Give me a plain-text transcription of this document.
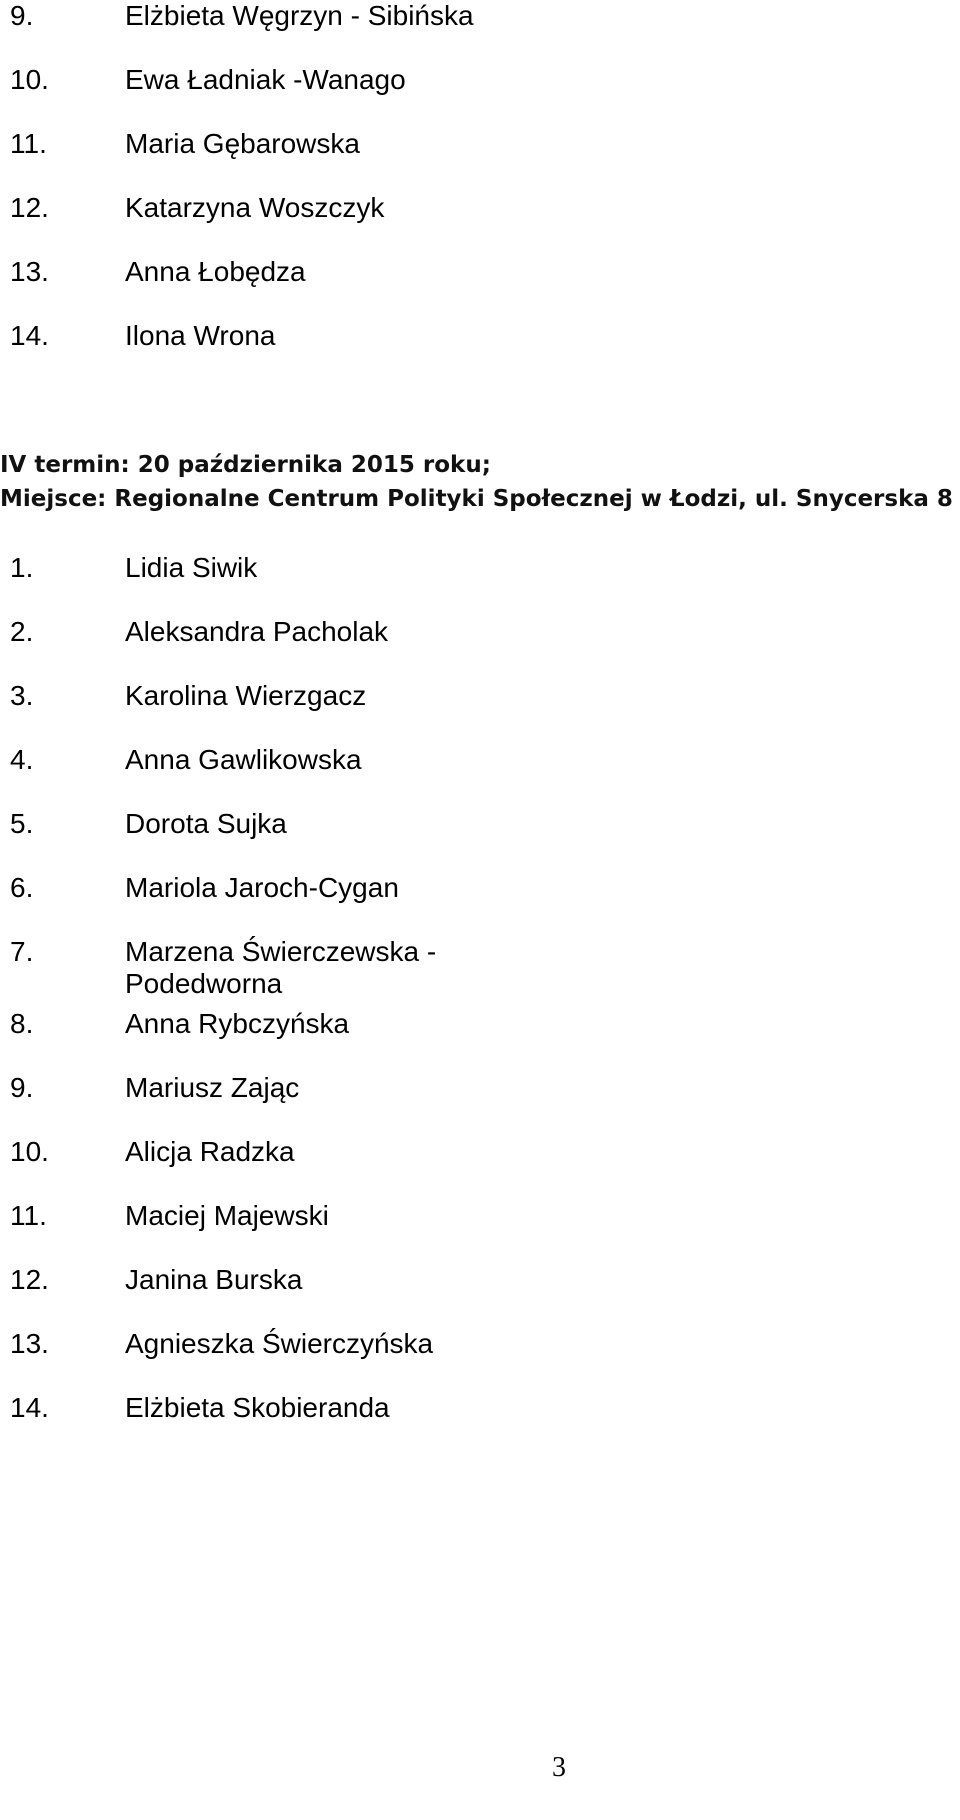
9.	Elżbieta Węgrzyn - Sibińska
10.	Ewa Ładniak -Wanago
11.	Maria Gębarowska
12.	Katarzyna Woszczyk
13.	Anna Łobędza
14.	Ilona Wrona
IV termin: 20 października 2015 roku;
Miejsce: Regionalne Centrum Polityki Społecznej w Łodzi, ul. Snycerska 8
1.	Lidia Siwik
2.	Aleksandra Pacholak
3.	Karolina Wierzgacz
4.	Anna Gawlikowska
5.	Dorota Sujka
6.	Mariola Jaroch-Cygan
7.	Marzena Świerczewska -
Podedworna
8.	Anna Rybczyńska
9.	Mariusz Zając
10.	Alicja Radzka
11.	Maciej Majewski
12.	Janina Burska
13.	Agnieszka Świerczyńska
14.	Elżbieta Skobieranda
3
